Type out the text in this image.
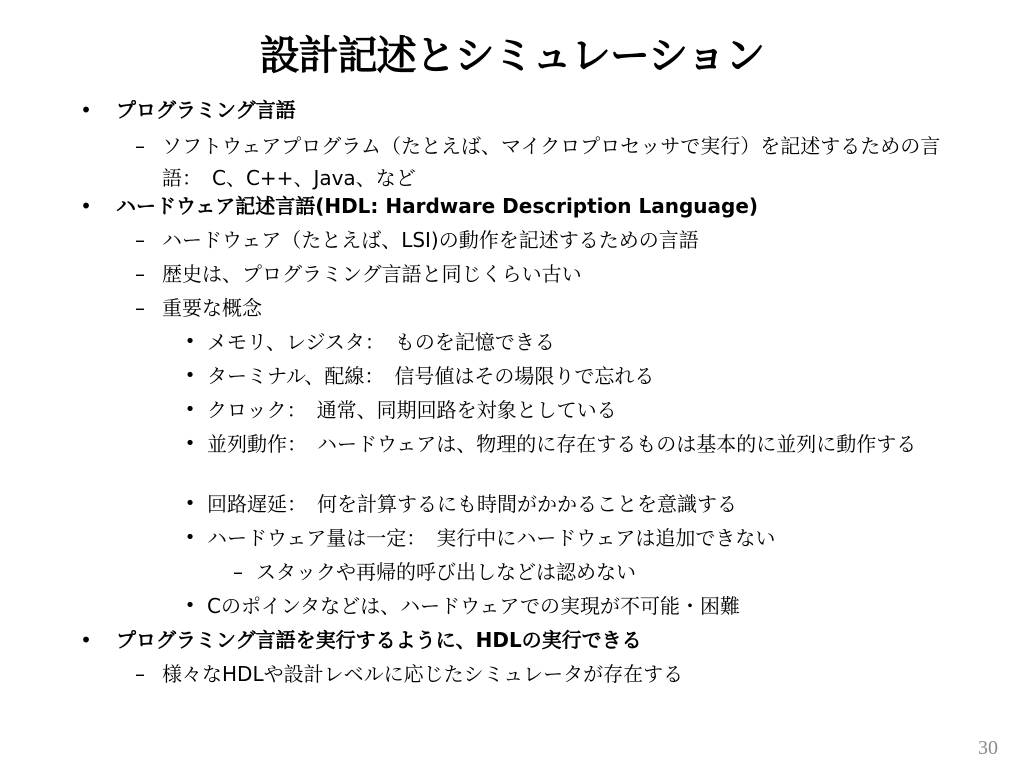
設計記述とシミュレーション
•	プログラミング言語
– ソフトウェアプログラム（たとえば、マイクロプロセッサで実行）を記述するための言語：　C、C++、Java、など
•	ハードウェア記述言語(HDL: Hardware Description Language)
– ハードウェア（たとえば、LSI)の動作を記述するための言語
– 歴史は、プログラミング言語と同じくらい古い
– 重要な概念
• メモリ、レジスタ：　ものを記憶できる
• ターミナル、配線：　信号値はその場限りで忘れる
• クロック：　通常、同期回路を対象としている
• 並列動作：　ハードウェアは、物理的に存在するものは基本的に並列に動作する
• 回路遅延：　何を計算するにも時間がかかることを意識する
• ハードウェア量は一定：　実行中にハードウェアは追加できない
– スタックや再帰的呼び出しなどは認めない
• Cのポインタなどは、ハードウェアでの実現が不可能・困難
•	プログラミング言語を実行するように、HDLの実行できる
– 様々なHDLや設計レベルに応じたシミュレータが存在する
30
